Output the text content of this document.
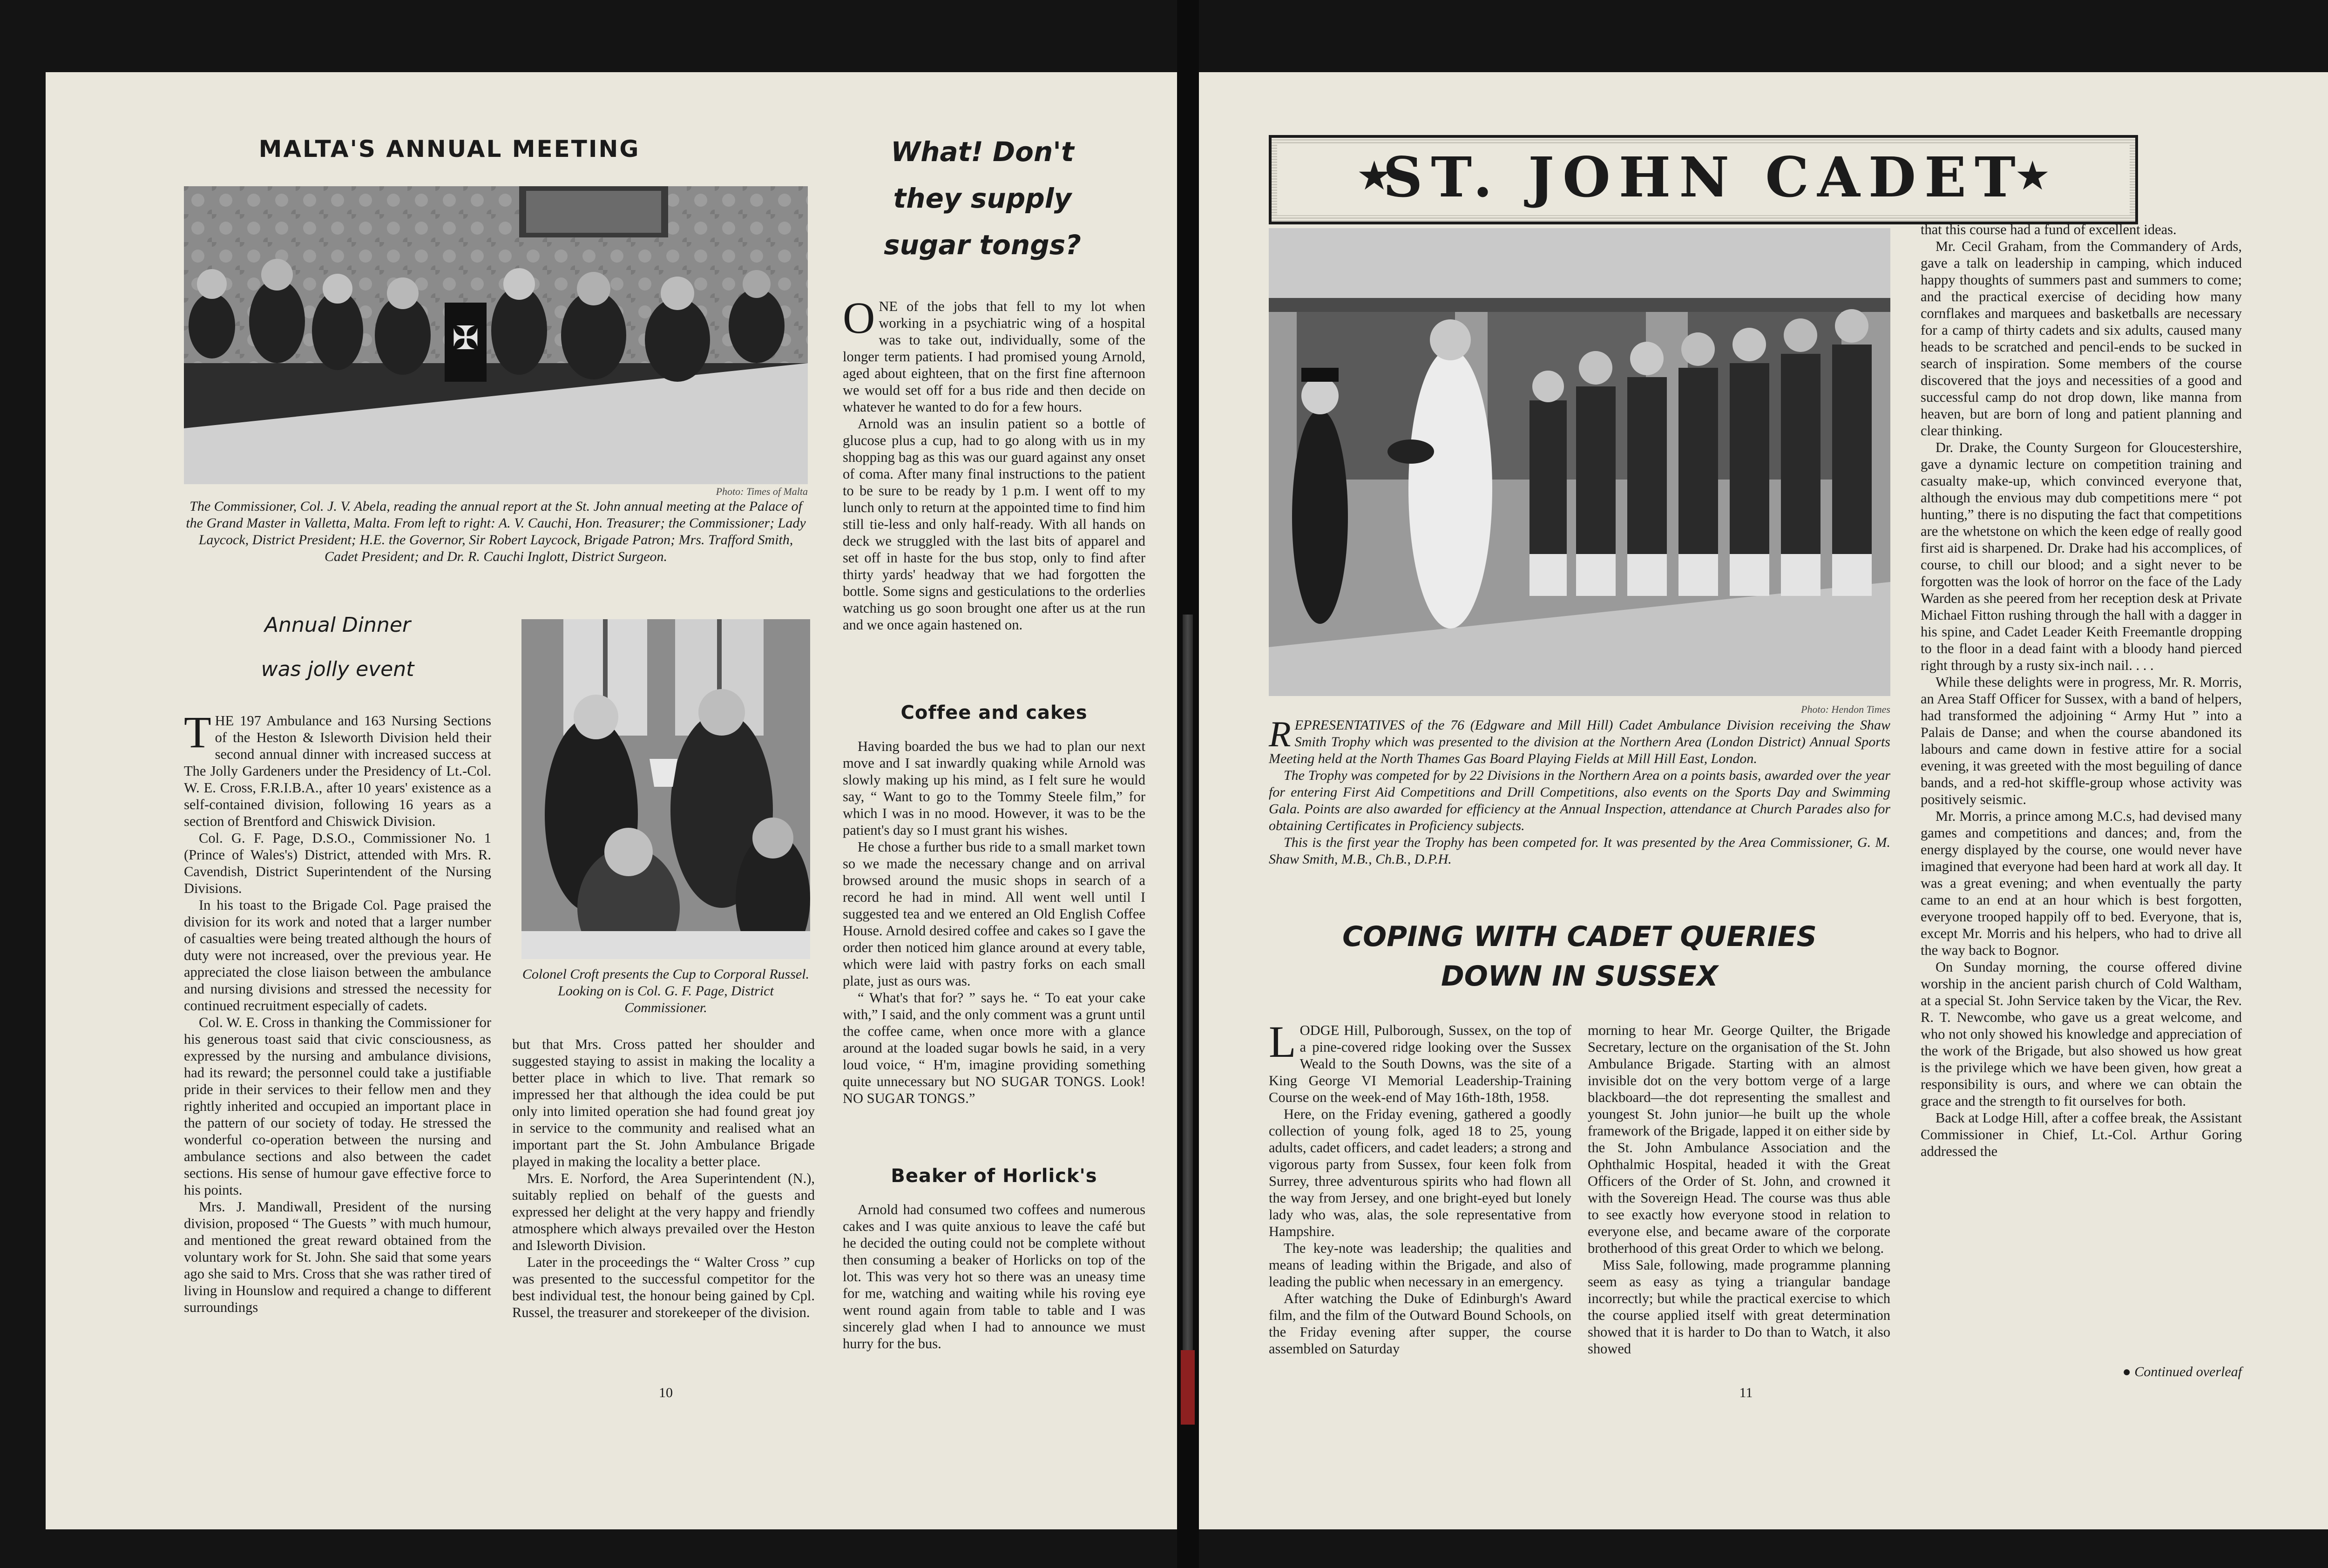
MALTA'S ANNUAL MEETING
✠
Photo: Times of Malta
The Commissioner, Col. J. V. Abela, reading the annual report at the St. John annual meeting at the Palace of the Grand Master in Valletta, Malta. From left to right: A. V. Cauchi, Hon. Treasurer; the Commissioner; Lady Laycock, District President; H.E. the Governor, Sir Robert Laycock, Brigade Patron; Mrs. Trafford Smith, Cadet President; and Dr. R. Cauchi Inglott, District Surgeon.
Annual Dinner
was jolly event
T HE 197 Ambulance and 163 Nursing Sections of the Heston & Isleworth Division held their second annual dinner with increased success at The Jolly Gardeners under the Presidency of Lt.-Col. W. E. Cross, F.R.I.B.A., after 10 years' existence as a self-contained division, following 16 years as a section of Brentford and Chiswick Division.

Col. G. F. Page, D.S.O., Commissioner No. 1 (Prince of Wales's) District, attended with Mrs. R. Cavendish, District Superintendent of the Nursing Divisions.

In his toast to the Brigade Col. Page praised the division for its work and noted that a larger number of casualties were being treated although the hours of duty were not increased, over the previous year. He appreciated the close liaison between the ambulance and nursing divisions and stressed the necessity for continued recruitment especially of cadets.

Col. W. E. Cross in thanking the Commissioner for his generous toast said that civic consciousness, as expressed by the nursing and ambulance divisions, had its reward; the personnel could take a justifiable pride in their services to their fellow men and they rightly inherited and occupied an important place in the pattern of our society of today. He stressed the wonderful co-operation between the nursing and ambulance sections and also between the cadet sections. His sense of humour gave effective force to his points.

Mrs. J. Mandiwall, President of the nursing division, proposed “ The Guests ” with much humour, and mentioned the great reward obtained from the voluntary work for St. John. She said that some years ago she said to Mrs. Cross that she was rather tired of living in Hounslow and required a change to different surroundings

Colonel Croft presents the Cup to Corporal Russel. Looking on is Col. G. F. Page, District Commissioner.

but that Mrs. Cross patted her shoulder and suggested staying to assist in making the locality a better place in which to live. That remark so impressed her that although the idea could be put only into limited operation she had found great joy in service to the community and realised what an important part the St. John Ambulance Brigade played in making the locality a better place.

Mrs. E. Norford, the Area Superintendent (N.), suitably replied on behalf of the guests and expressed her delight at the very happy and friendly atmosphere which always prevailed over the Heston and Isleworth Division.

Later in the proceedings the “ Walter Cross ” cup was presented to the successful competitor for the best individual test, the honour being gained by Cpl. Russel, the treasurer and storekeeper of the division.

What! Don't
they supply
sugar tongs?
O NE of the jobs that fell to my lot when working in a psychiatric wing of a hospital was to take out, individually, some of the longer term patients. I had promised young Arnold, aged about eighteen, that on the first fine afternoon we would set off for a bus ride and then decide on whatever he wanted to do for a few hours.

Arnold was an insulin patient so a bottle of glucose plus a cup, had to go along with us in my shopping bag as this was our guard against any onset of coma. After many final instructions to the patient to be sure to be ready by 1 p.m. I went off to my lunch only to return at the appointed time to find him still tie-less and only half-ready. With all hands on deck we struggled with the last bits of apparel and set off in haste for the bus stop, only to find after thirty yards' headway that we had forgotten the bottle. Some signs and gesticulations to the orderlies watching us go soon brought one after us at the run and we once again hastened on.

Coffee and cakes

Having boarded the bus we had to plan our next move and I sat inwardly quaking while Arnold was slowly making up his mind, as I felt sure he would say, “ Want to go to the Tommy Steele film,” for which I was in no mood. However, it was to be the patient's day so I must grant his wishes.

He chose a further bus ride to a small market town so we made the necessary change and on arrival browsed around the music shops in search of a record he had in mind. All went well until I suggested tea and we entered an Old English Coffee House. Arnold desired coffee and cakes so I gave the order then noticed him glance around at every table, which were laid with pastry forks on each small plate, just as ours was.

“ What's that for? ” says he. “ To eat your cake with,” I said, and the only comment was a grunt until the coffee came, when once more with a glance around at the loaded sugar bowls he said, in a very loud voice, “ H'm, imagine providing something quite unnecessary but NO SUGAR TONGS. Look! NO SUGAR TONGS.”

Beaker of Horlick's

Arnold had consumed two coffees and numerous cakes and I was quite anxious to leave the café but he decided the outing could not be complete without then consuming a beaker of Horlicks on top of the lot. This was very hot so there was an uneasy time for me, watching and waiting while his roving eye went round again from table to table and I was sincerely glad when I had to announce we must hurry for the bus.

10
★
ST. JOHN CADET
★
Photo: Hendon Times
REPRESENTATIVES of the 76 (Edgware and Mill Hill) Cadet Ambulance Division receiving the Shaw Smith Trophy which was presented to the division at the Northern Area (London District) Annual Sports Meeting held at the North Thames Gas Board Playing Fields at Mill Hill East, London.
The Trophy was competed for by 22 Divisions in the Northern Area on a points basis, awarded over the year for entering First Aid Competitions and Drill Competitions, also events on the Sports Day and Swimming Gala. Points are also awarded for efficiency at the Annual Inspection, attendance at Church Parades also for obtaining Certificates in Proficiency subjects.
This is the first year the Trophy has been competed for. It was presented by the Area Commissioner, G. M. Shaw Smith, M.B., Ch.B., D.P.H.
COPING WITH CADET QUERIES
DOWN IN SUSSEX
L ODGE Hill, Pulborough, Sussex, on the top of a pine-covered ridge looking over the Sussex Weald to the South Downs, was the site of a King George VI Memorial Leadership-Training Course on the week-end of May 16th-18th, 1958.

Here, on the Friday evening, gathered a goodly collection of young folk, aged 18 to 25, young adults, cadet officers, and cadet leaders; a strong and vigorous party from Sussex, four keen folk from Surrey, three adventurous spirits who had flown all the way from Jersey, and one bright-eyed but lonely lady who was, alas, the sole representative from Hampshire.

The key-note was leadership; the qualities and means of leading within the Brigade, and also of leading the public when necessary in an emergency.

After watching the Duke of Edinburgh's Award film, and the film of the Outward Bound Schools, on the Friday evening after supper, the course assembled on Saturday

morning to hear Mr. George Quilter, the Brigade Secretary, lecture on the organisation of the St. John Ambulance Brigade. Starting with an almost invisible dot on the very bottom verge of a large blackboard—the dot representing the smallest and youngest St. John junior—he built up the whole framework of the Brigade, lapped it on either side by the St. John Ambulance Association and the Ophthalmic Hospital, headed it with the Great Officers of the Order of St. John, and crowned it with the Sovereign Head. The course was thus able to see exactly how everyone stood in relation to everyone else, and became aware of the corporate brotherhood of this great Order to which we belong.

Miss Sale, following, made programme planning seem as easy as tying a triangular bandage incorrectly; but while the practical exercise to which the course applied itself with great determination showed that it is harder to Do than to Watch, it also showed

that this course had a fund of excellent ideas.

Mr. Cecil Graham, from the Commandery of Ards, gave a talk on leadership in camping, which induced happy thoughts of summers past and summers to come; and the practical exercise of deciding how many cornflakes and marquees and basketballs are necessary for a camp of thirty cadets and six adults, caused many heads to be scratched and pencil-ends to be sucked in search of inspiration. Some members of the course discovered that the joys and necessities of a good and successful camp do not drop down, like manna from heaven, but are born of long and patient planning and clear thinking.

Dr. Drake, the County Surgeon for Gloucestershire, gave a dynamic lecture on competition training and casualty make-up, which convinced everyone that, although the envious may dub competitions mere “ pot hunting,” there is no disputing the fact that competitions are the whetstone on which the keen edge of really good first aid is sharpened. Dr. Drake had his accomplices, of course, to chill our blood; and a sight never to be forgotten was the look of horror on the face of the Lady Warden as she peered from her reception desk at Private Michael Fitton rushing through the hall with a dagger in his spine, and Cadet Leader Keith Freemantle dropping to the floor in a dead faint with a bloody hand pierced right through by a rusty six-inch nail. . . .

While these delights were in progress, Mr. R. Morris, an Area Staff Officer for Sussex, with a band of helpers, had transformed the adjoining “ Army Hut ” into a Palais de Danse; and when the course abandoned its labours and came down in festive attire for a social evening, it was greeted with the most beguiling of dance bands, and a red-hot skiffle-group whose activity was positively seismic.

Mr. Morris, a prince among M.C.s, had devised many games and competitions and dances; and, from the energy displayed by the course, one would never have imagined that everyone had been hard at work all day. It was a great evening; and when eventually the party came to an end at an hour which is best forgotten, everyone trooped happily off to bed. Everyone, that is, except Mr. Morris and his helpers, who had to drive all the way back to Bognor.

On Sunday morning, the course offered divine worship in the ancient parish church of Cold Waltham, at a special St. John Service taken by the Vicar, the Rev. R. T. Newcombe, who gave us a great welcome, and who not only showed his knowledge and appreciation of the work of the Brigade, but also showed us how great is the privilege which we have been given, how great a responsibility is ours, and where we can obtain the grace and the strength to fit ourselves for both.

Back at Lodge Hill, after a coffee break, the Assistant Commissioner in Chief, Lt.-Col. Arthur Goring addressed the

● Continued overleaf
11
